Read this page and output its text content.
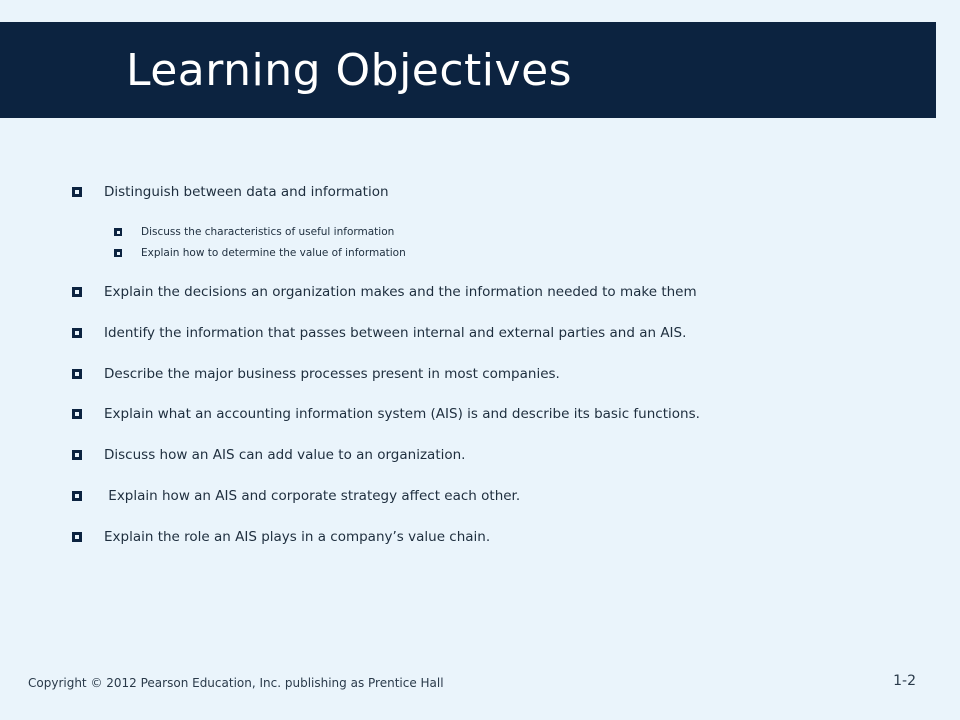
Learning Objectives
Distinguish between data and information
Discuss the characteristics of useful information
Explain how to determine the value of information
Explain the decisions an organization makes and the information needed to make them
Identify the information that passes between internal and external parties and an AIS.
Describe the major business processes present in most companies.
Explain what an accounting information system (AIS) is and describe its basic functions.
Discuss how an AIS can add value to an organization.
Explain how an AIS and corporate strategy affect each other.
Explain the role an AIS plays in a company’s value chain.
Copyright © 2012 Pearson Education, Inc. publishing as Prentice Hall	1-2
